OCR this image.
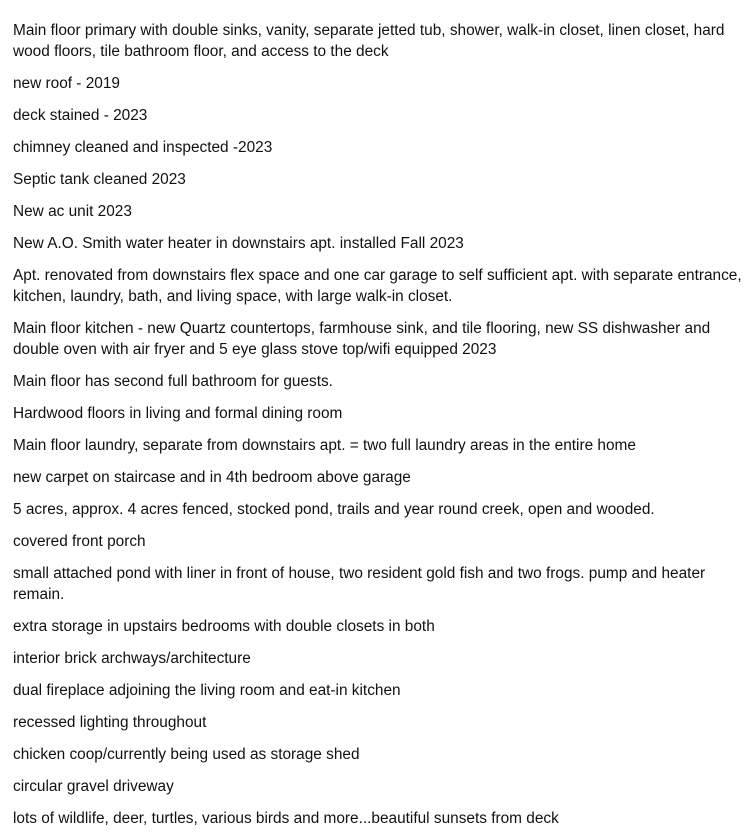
Main floor primary with double sinks, vanity, separate jetted tub, shower, walk-in closet, linen closet, hard wood floors, tile bathroom floor, and access to the deck

new roof - 2019

deck stained - 2023

chimney cleaned and inspected -2023

Septic tank cleaned 2023

New ac unit 2023

New A.O. Smith water heater in downstairs apt. installed Fall 2023

Apt. renovated from downstairs flex space and one car garage to self sufficient apt. with separate entrance, kitchen, laundry, bath, and living space, with large walk-in closet.

Main floor kitchen - new Quartz countertops, farmhouse sink, and tile flooring, new SS dishwasher and double oven with air fryer and 5 eye glass stove top/wifi equipped 2023

Main floor has second full bathroom for guests.

Hardwood floors in living and formal dining room

Main floor laundry, separate from downstairs apt. = two full laundry areas in the entire home

new carpet on staircase and in 4th bedroom above garage

5 acres, approx. 4 acres fenced, stocked pond, trails and year round creek, open and wooded.

covered front porch

small attached pond with liner in front of house, two resident gold fish and two frogs. pump and heater remain.

extra storage in upstairs bedrooms with double closets in both

interior brick archways/architecture

dual fireplace adjoining the living room and eat-in kitchen

recessed lighting throughout

chicken coop/currently being used as storage shed

circular gravel driveway

lots of wildlife, deer, turtles, various birds and more...beautiful sunsets from deck
